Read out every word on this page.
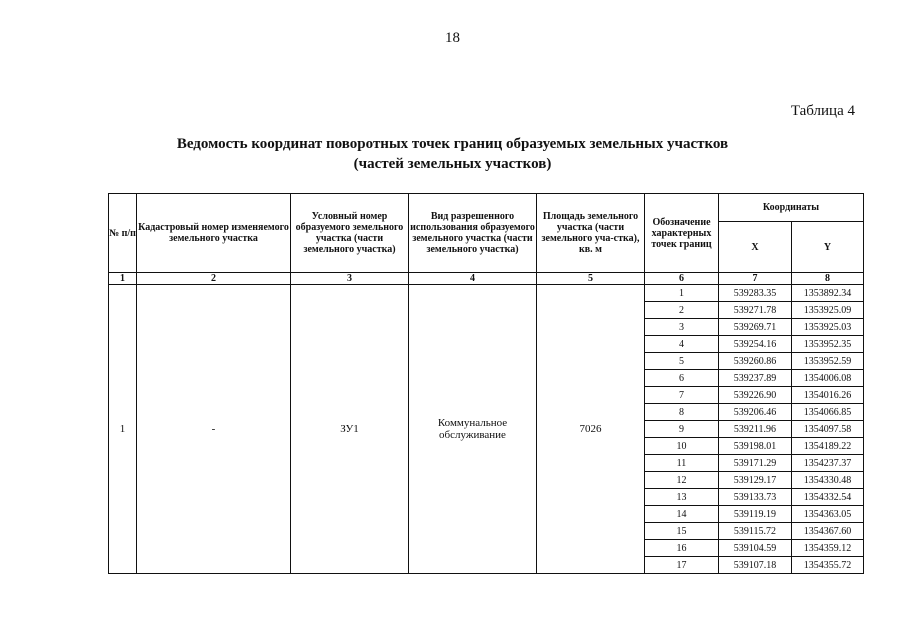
18
Таблица 4
Ведомость координат поворотных точек границ образуемых земельных участков
(частей земельных участков)
№ п/п	Кадастровый номер изменяемого земельного участка	Условный номер образуемого земельного участка (части земельного участка)	Вид разрешенного использования образуемого земельного участка (части земельного участка)	Площадь земельного участка (части земельного уча-стка), кв. м	Обозначение характерных точек границ	Координаты	
						X	Y
1	2	3	4	5	6	7	8
1	-	ЗУ1	Коммунальное обслуживание	7026	1	539283.35	1353892.34
					2	539271.78	1353925.09
					3	539269.71	1353925.03
					4	539254.16	1353952.35
					5	539260.86	1353952.59
					6	539237.89	1354006.08
					7	539226.90	1354016.26
					8	539206.46	1354066.85
					9	539211.96	1354097.58
					10	539198.01	1354189.22
					11	539171.29	1354237.37
					12	539129.17	1354330.48
					13	539133.73	1354332.54
					14	539119.19	1354363.05
					15	539115.72	1354367.60
					16	539104.59	1354359.12
					17	539107.18	1354355.72
